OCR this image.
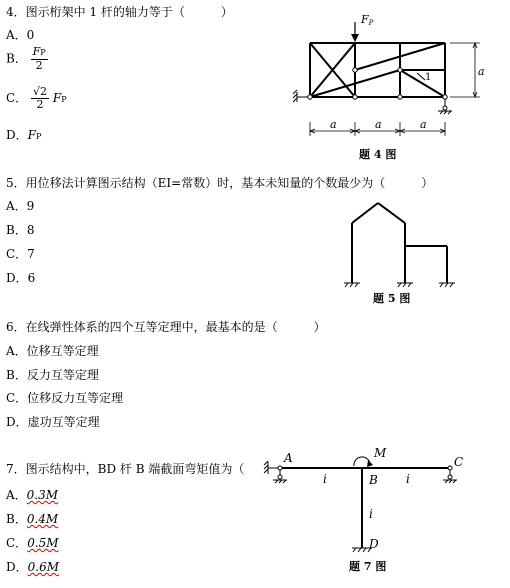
4．图示桁架中 1 杆的轴力等于（　　　）
A．0
B． $\frac{FP}{2}$
C． $\frac{√2}{2}$ FP
D．FP
FP
1	a
a	a	a
题 4 图
5．用位移法计算图示结构（EI=常数）时，基本未知量的个数最少为（　　　）
A．9
B．8
C．7
D．6
题 5 图
6．在线弹性体系的四个互等定理中，最基本的是（　　　）
A．位移互等定理
B．反力互等定理
C．位移反力互等定理
D．虚功互等定理
7．图示结构中，BD 杆 B 端截面弯矩值为（
A．0.3M
B．0.4M
C．0.5M
D．0.6M
A
B
C
D
M
i	i
i
题 7 图
